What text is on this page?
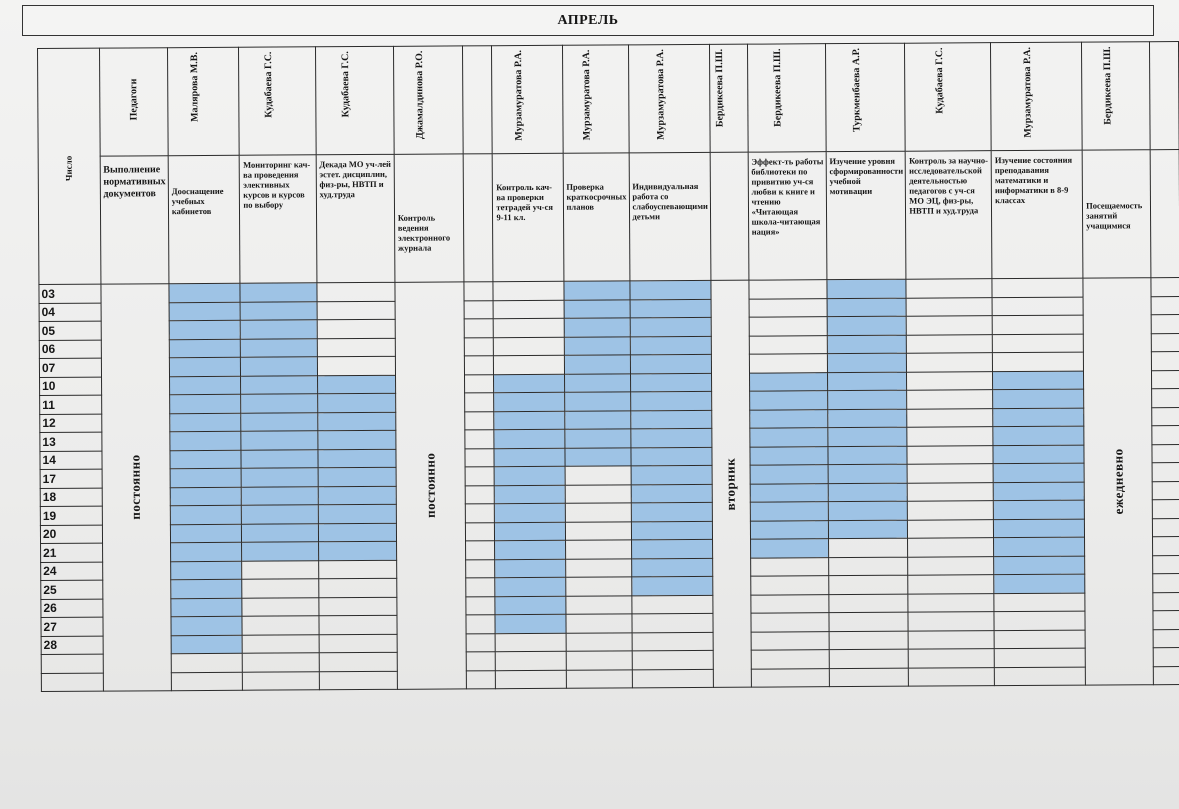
АПРЕЛЬ
Число	Педагоги	Малярова М.В.	Кудабаева Г.С.	Кудабаева Г.С.	Джамалдинова Р.О.		Мурзамуратова Р.А.	Мурзамуратова Р.А.	Мурзамуратова Р.А.	Бердикеева П.Ш.	Бердикеева П.Ш.	Туркменбаева А.Р.	Кудабаева Г.С.	Мурзамуратова Р.А.	Бердикеева П.Ш.	

	Выполнение нормативных документов	Дооснащение учебных кабинетов	Мониторинг кач-ва проведения элективных курсов и курсов по выбору	Декада МО уч-лей эстет. дисциплин, физ-ры, НВТП и худ.труда	Контроль ведения электронного журнала		Контроль кач-ва проверки тетрадей уч-ся 9-11 кл.	Проверка краткосрочных планов	Индивидуальная работа со слабоуспевающими детьми		Эффект-ть работы библиотеки по привитию уч-ся любви к книге и чтению «Читающая школа-читающая нация»	Изучение уровня сформированности учебной мотивации	Контроль за научно-исследовательской деятельностью педагогов с уч-ся МО ЭЦ, физ-ры, НВТП и худ.труда	Изучение состояния преподавания математики и информатики в 8-9 классах	Посещаемость занятий учащимися	
03	постоянно				постоянно					вторник					ежедневно	

04																
05																
06																
07																
10																
11																
12																
13																
14																
17																
18																
19																
20																
21																
24																
25																
26																
27																
28																
